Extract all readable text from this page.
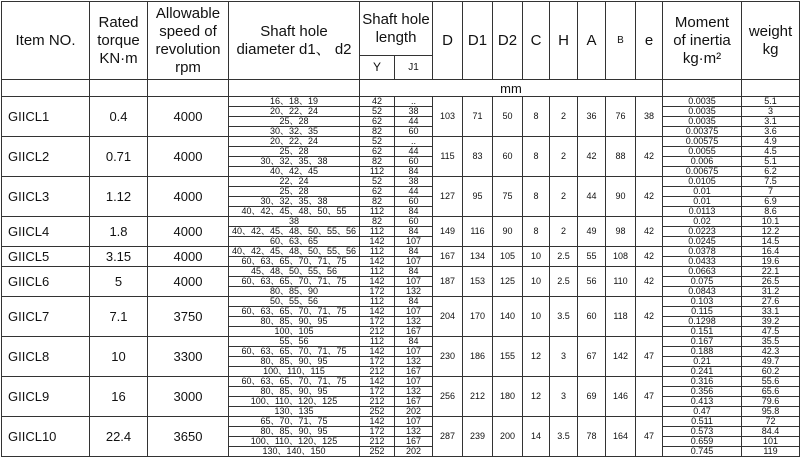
Item NO.	Rated
torque
KN·m	Allowable
speed of
revolution
rpm	Shaft hole
diameter d1、 d2	Shaft hole
length		D	D1	D2	C	H	A	B	e	Moment
of inertia
kg·m²	weight
kg
				Y	J1										
				mm											
GIICL1	0.4	4000	16、18、19	42	..	103	71	50	8	2	36	76	38	0.0035	5.1
			20、22、24	52	38									0.0035	3
			25、28	62	44									0.0035	3.1
			30、32、35	82	60									0.00375	3.6
GIICL2	0.71	4000	20、22、24	52	..	115	83	60	8	2	42	88	42	0.00575	4.9
			25、28	62	44									0.0055	4.5
			30、32、35、38	82	60									0.006	5.1
			40、42、45	112	84									0.00675	6.2
GIICL3	1.12	4000	22、24	52	38	127	95	75	8	2	44	90	42	0.0105	7.5
			25、28	62	44									0.01	7
			30、32、35、38	82	60									0.01	6.9
			40、42、45、48、50、55	112	84									0.0113	8.6
GIICL4	1.8	4000	38	82	60	149	116	90	8	2	49	98	42	0.02	10.1
			40、42、45、48、50、55、56	112	84									0.0223	12.2
			60、63、65	142	107									0.0245	14.5
GIICL5	3.15	4000	40、42、45、48、50、55、56	112	84	167	134	105	10	2.5	55	108	42	0.0378	16.4
			60、63、65、70、71、75	142	107									0.0433	19.6
GIICL6	5	4000	45、48、50、55、56	112	84	187	153	125	10	2.5	56	110	42	0.0663	22.1
			60、63、65、70、71、75	142	107									0.075	26.5
			80、85、90	172	132									0.0843	31.2
GIICL7	7.1	3750	50、55、56	112	84	204	170	140	10	3.5	60	118	42	0.103	27.6
			60、63、65、70、71、75	142	107									0.115	33.1
			80、85、90、95	172	132									0.1298	39.2
			100、105	212	167									0.151	47.5
GIICL8	10	3300	55、56	112	84	230	186	155	12	3	67	142	47	0.167	35.5
			60、63、65、70、71、75	142	107									0.188	42.3
			80、85、90、95	172	132									0.21	49.7
			100、110、115	212	167									0.241	60.2
GIICL9	16	3000	60、63、65、70、71、75	142	107	256	212	180	12	3	69	146	47	0.316	55.6
			80、85、90、95	172	132									0.356	65.6
			100、110、120、125	212	167									0.413	79.6
			130、135	252	202									0.47	95.8
GIICL10	22.4	3650	65、70、71、75	142	107	287	239	200	14	3.5	78	164	47	0.511	72
			80、85、90、95	172	132									0.573	84.4
			100、110、120、125	212	167									0.659	101
			130、140、150	252	202									0.745	119
